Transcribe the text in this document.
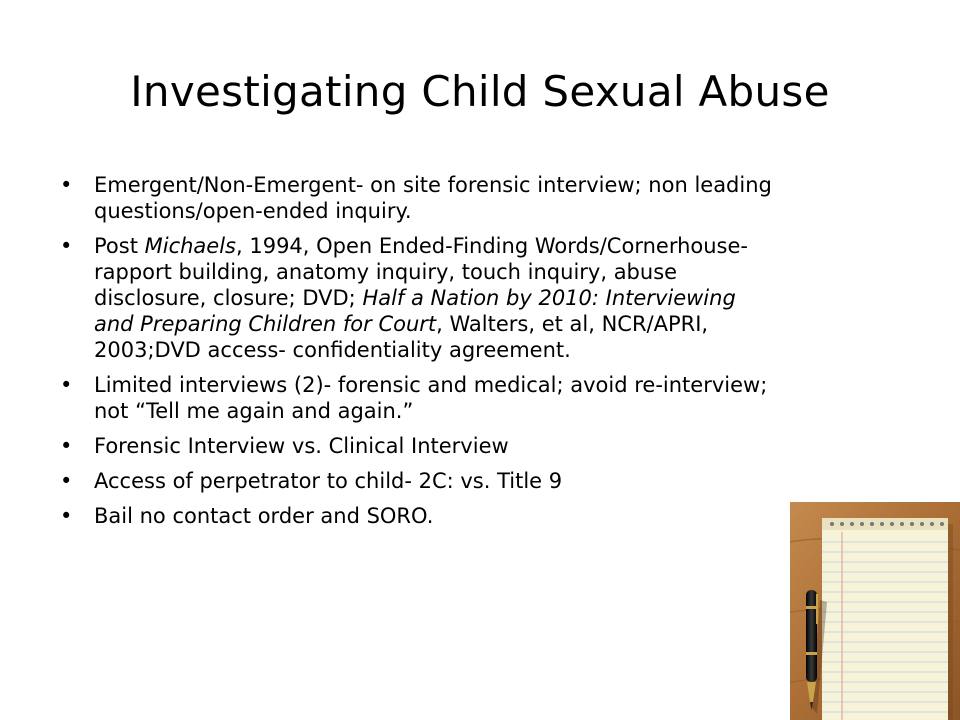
Investigating Child Sexual Abuse
• Emergent/Non-Emergent- on site forensic interview; non leading questions/open-ended inquiry.
• Post Michaels, 1994, Open Ended-Finding Words/Cornerhouse- rapport building, anatomy inquiry, touch inquiry, abuse disclosure, closure; DVD; Half a Nation by 2010: Interviewing and Preparing Children for Court, Walters, et al, NCR/APRI, 2003;DVD access- confidentiality agreement.
• Limited interviews (2)- forensic and medical; avoid re-interview; not “Tell me again and again.”
• Forensic Interview vs. Clinical Interview
• Access of perpetrator to child- 2C: vs. Title 9
• Bail no contact order and SORO.
